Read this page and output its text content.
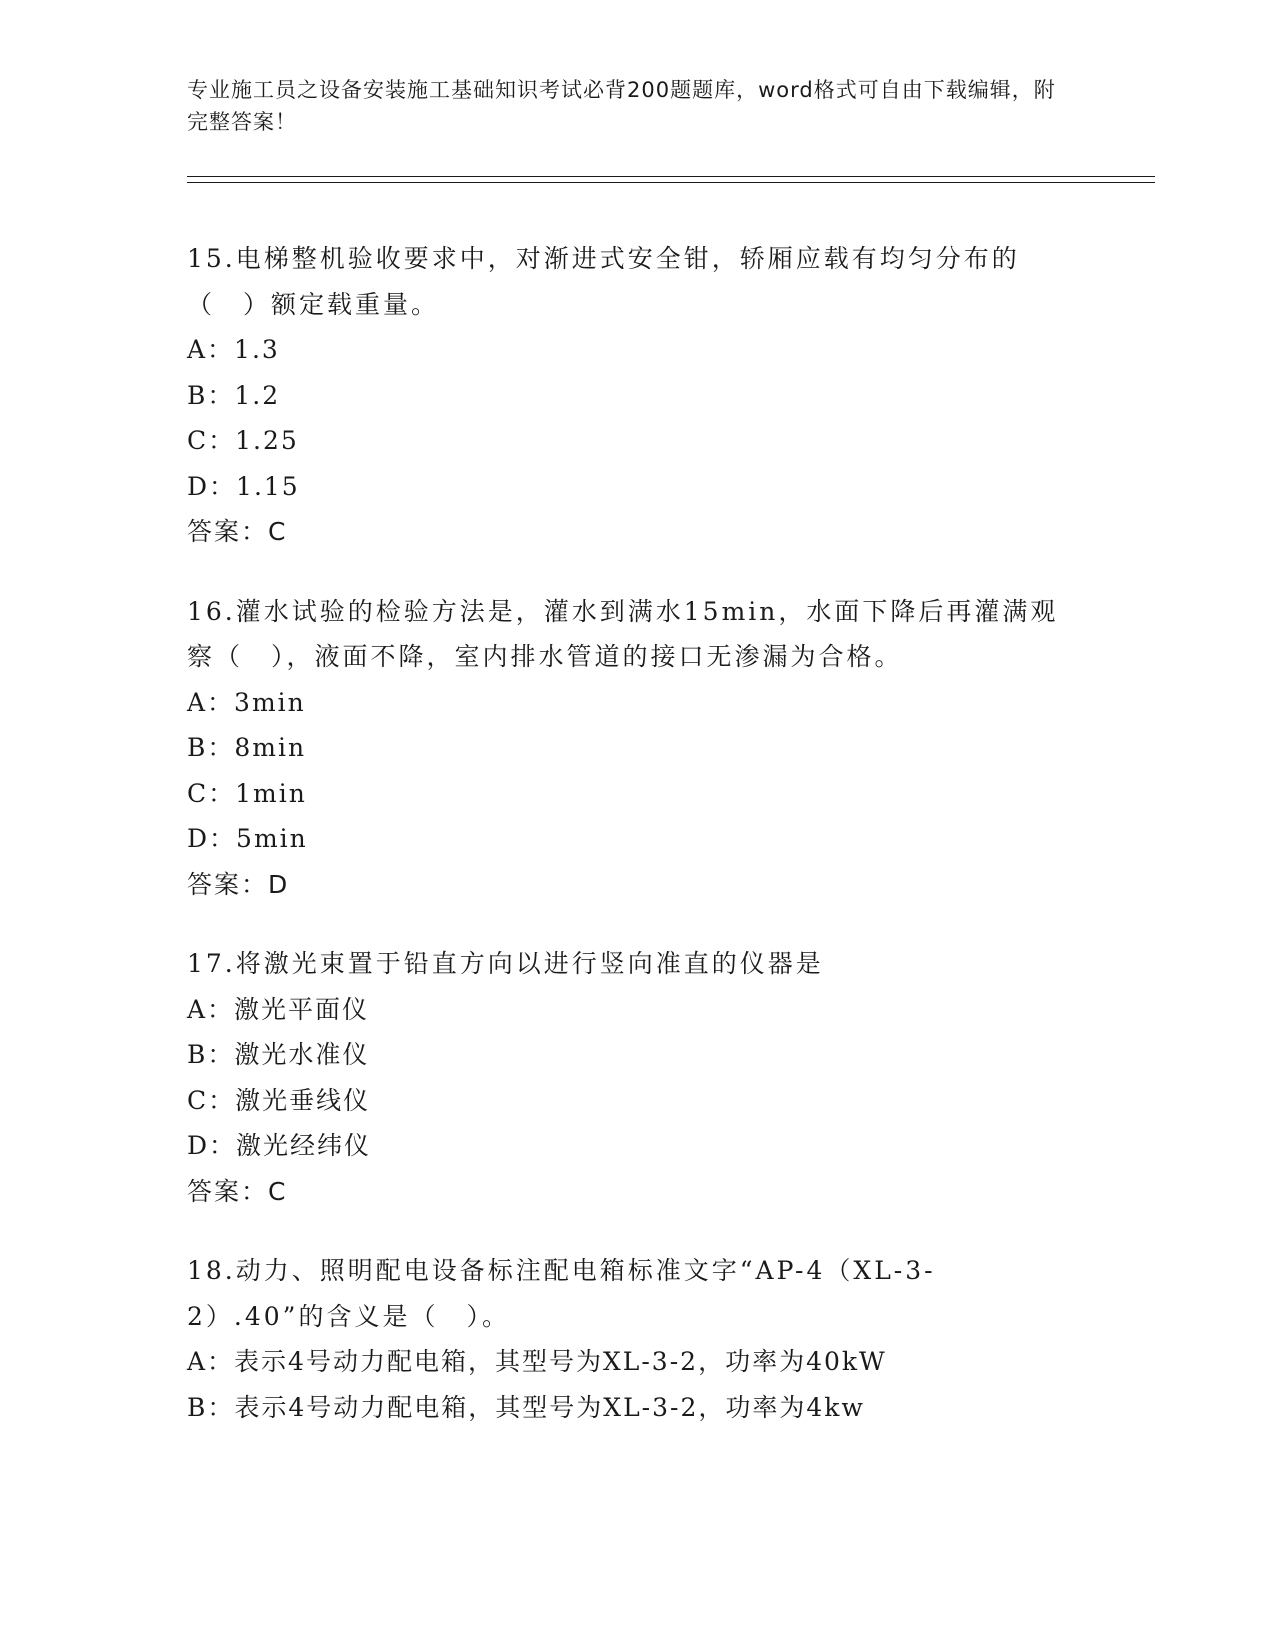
专业施工员之设备安装施工基础知识考试必背200题题库，word格式可自由下载编辑，附完整答案！

15.电梯整机验收要求中，对渐进式安全钳，轿厢应载有均匀分布的（　）额定载重量。

A：1.3

B：1.2

C：1.25

D：1.15

答案：C

16.灌水试验的检验方法是，灌水到满水15min，水面下降后再灌满观察（　），液面不降，室内排水管道的接口无渗漏为合格。

A：3min

B：8min

C：1min

D：5min

答案：D

17.将激光束置于铅直方向以进行竖向准直的仪器是

A：激光平面仪

B：激光水准仪

C：激光垂线仪

D：激光经纬仪

答案：C

18.动力、照明配电设备标注配电箱标准文字“AP-4（XL-3-2）.40”的含义是（　）。

A：表示4号动力配电箱，其型号为XL-3-2，功率为40kW

B：表示4号动力配电箱，其型号为XL-3-2，功率为4kw
